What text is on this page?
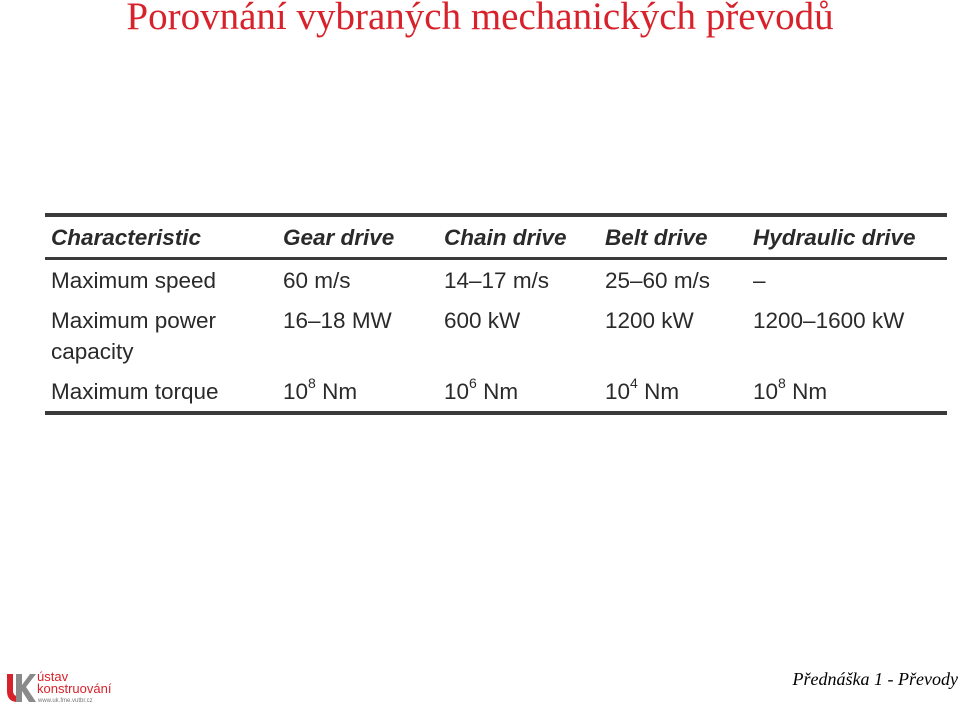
Porovnání vybraných mechanických převodů
Characteristic	Gear drive	Chain drive	Belt drive	Hydraulic drive
Maximum speed	60 m/s	14–17 m/s	25–60 m/s	–
Maximum power capacity	16–18 MW	600 kW	1200 kW	1200–1600 kW
Maximum torque	$10^8$ Nm	$10^6$ Nm	$10^4$ Nm	$10^8$ Nm
ústav
konstruování
www.uk.fme.vutbr.cz
Přednáška 1 - Převody
